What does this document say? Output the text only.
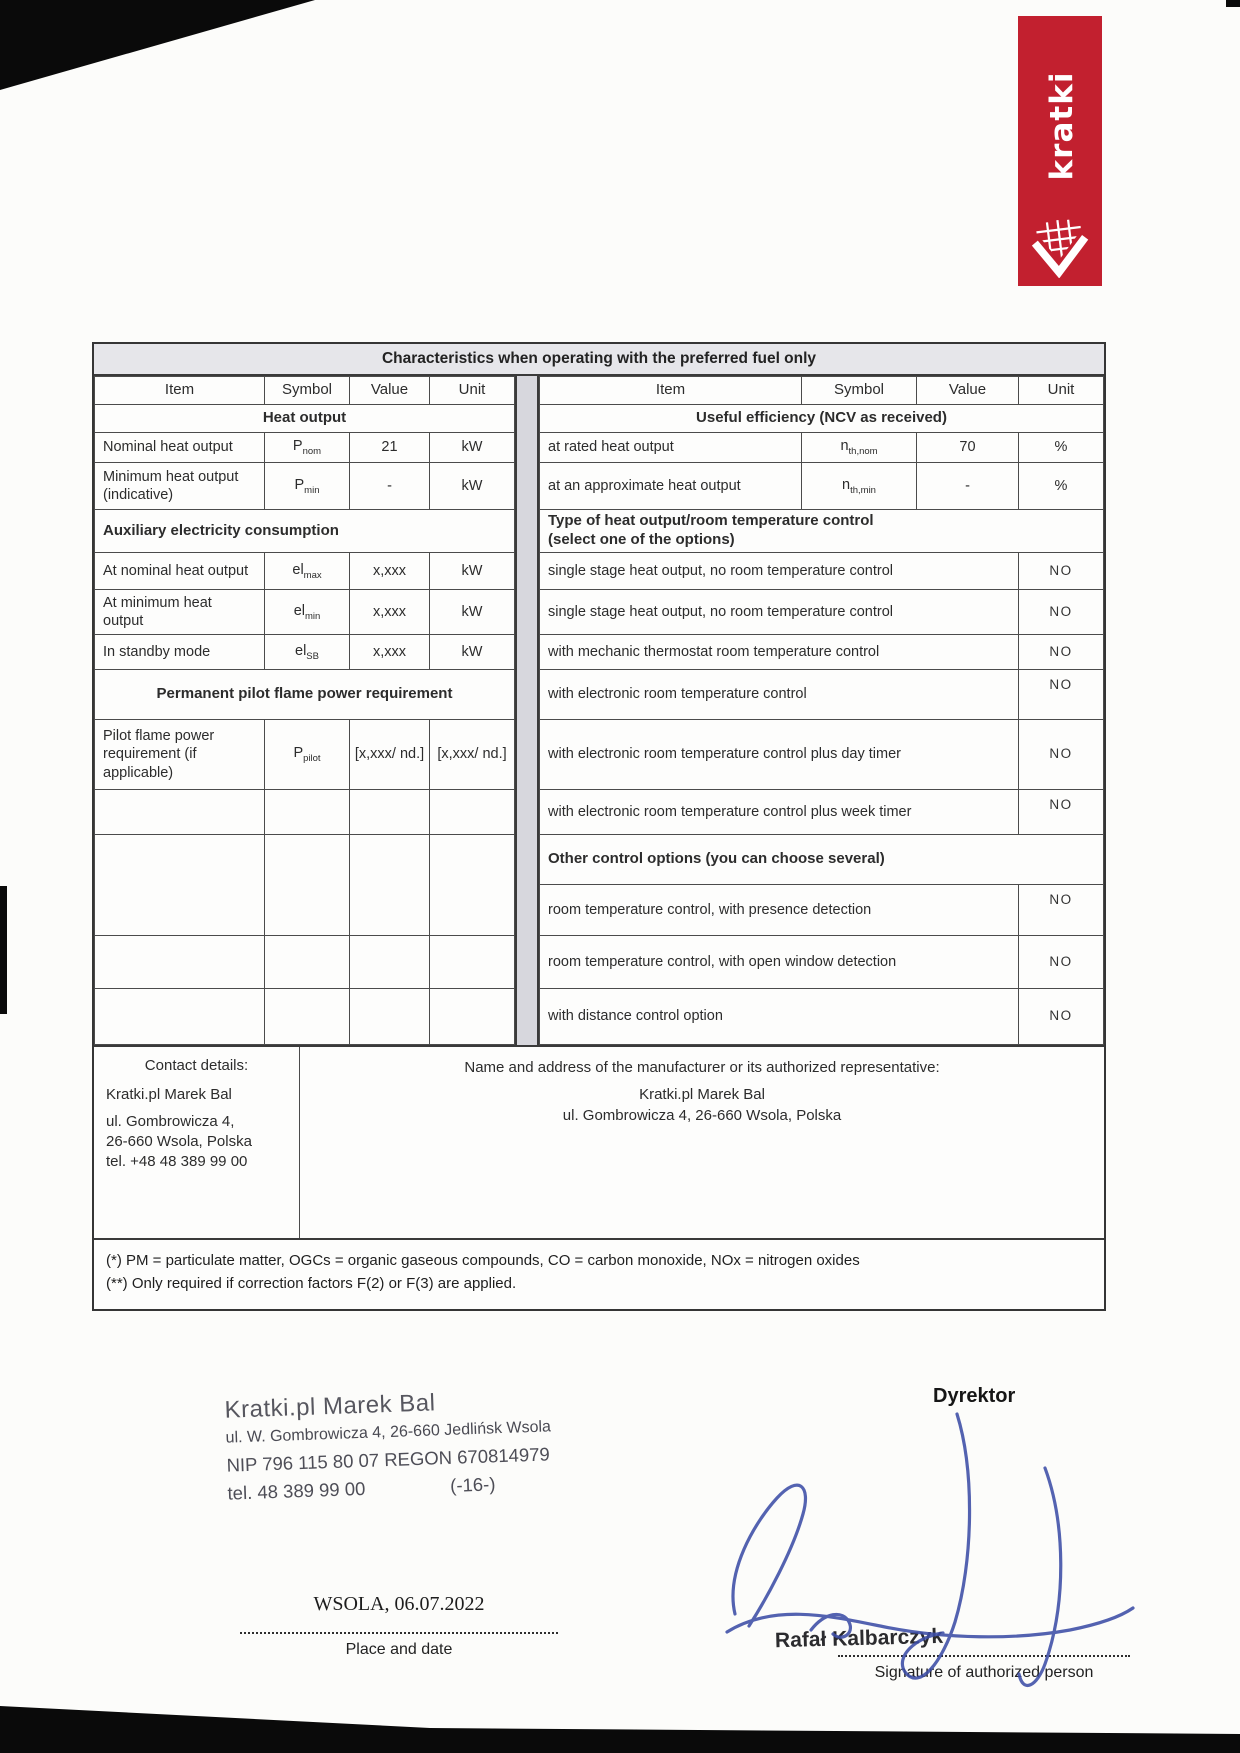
kratki
Characteristics when operating with the preferred fuel only
Item	Symbol	Value	Unit
Heat output			
Nominal heat output	$P_{nom}$	21	kW
Minimum heat output (indicative)	$P_{min}$	-	kW
Auxiliary electricity consumption			
At nominal heat output	$el_{max}$	x,xxx	kW
At minimum heat output	$el_{min}$	x,xxx	kW
In standby mode	$el_{SB}$	x,xxx	kW
Permanent pilot flame power requirement			
Pilot flame power requirement (if applicable)	$P_{pilot}$	[x,xxx/ nd.]	[x,xxx/ nd.]

Item	Symbol	Value	Unit
Useful efficiency (NCV as received)			
at rated heat output	$n_{th,nom}$	70	%
at an approximate heat output	$n_{th,min}$	-	%

Type of heat output/room temperature control
(select one of the options)			

single stage heat output, no room temperature control			NO
single stage heat output, no room temperature control			NO
with mechanic thermostat room temperature control			NO
with electronic room temperature control			NO
with electronic room temperature control plus day timer			NO
with electronic room temperature control plus week timer			NO
Other control options (you can choose several)			
room temperature control, with presence detection			NO
room temperature control, with open window detection			NO
with distance control option			NO
Contact details:
Kratki.pl Marek Bal
ul. Gombrowicza 4,
26-660 Wsola, Polska
tel. +48 48 389 99 00
Name and address of the manufacturer or its authorized representative:
Kratki.pl Marek Bal
ul. Gombrowicza 4, 26-660 Wsola, Polska
(*) PM = particulate matter, OGCs = organic gaseous compounds, CO = carbon monoxide, NOx = nitrogen oxides
(**) Only required if correction factors F(2) or F(3) are applied.
Kratki.pl Marek Bal
ul. W. Gombrowicza 4, 26-660 Jedlińsk Wsola
NIP 796 115 80 07 REGON 670814979
tel. 48 389 99 00	(-16-)
WSOLA, 06.07.2022
Place and date
Dyrektor
Rafał Kalbarczyk
Signature of authorized person
